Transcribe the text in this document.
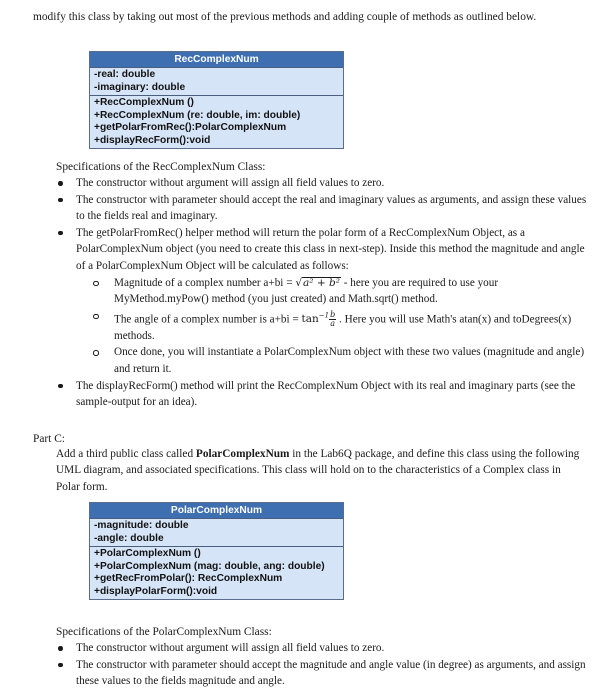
modify this class by taking out most of the previous methods and adding couple of methods as outlined below.

RecComplexNum
-real: double
-imaginary: double
+RecComplexNum ()
+RecComplexNum (re: double, im: double)
+getPolarFromRec():PolarComplexNum
+displayRecForm():void

Specifications of the RecComplexNum Class:

The constructor without argument will assign all field values to zero.
The constructor with parameter should accept the real and imaginary values as arguments, and assign these values to the fields real and imaginary.
The getPolarFromRec() helper method will return the polar form of a RecComplexNum Object, as a PolarComplexNum object (you need to create this class in next-step). Inside this method the magnitude and angle of a PolarComplexNum Object will be calculated as follows:
Magnitude of a complex number a+bi = √a² + b² - here you are required to use your MyMethod.myPow() method (you just created) and Math.sqrt() method.
The angle of a complex number is $a+bi = \tan^{-1} \frac{b}{a}$ . Here you will use Math's atan(x) and toDegrees(x) methods.
Once done, you will instantiate a PolarComplexNum object with these two values (magnitude and angle) and return it.
The displayRecForm() method will print the RecComplexNum Object with its real and imaginary parts (see the sample-output for an idea).

Part C:

Add a third public class called PolarComplexNum in the Lab6Q package, and define this class using the following UML diagram, and associated specifications. This class will hold on to the characteristics of a Complex class in Polar form.

PolarComplexNum
-magnitude: double
-angle: double
+PolarComplexNum ()
+PolarComplexNum (mag: double, ang: double)
+getRecFromPolar(): RecComplexNum
+displayPolarForm():void

Specifications of the PolarComplexNum Class:

The constructor without argument will assign all field values to zero.
The constructor with parameter should accept the magnitude and angle value (in degree) as arguments, and assign these values to the fields magnitude and angle.
